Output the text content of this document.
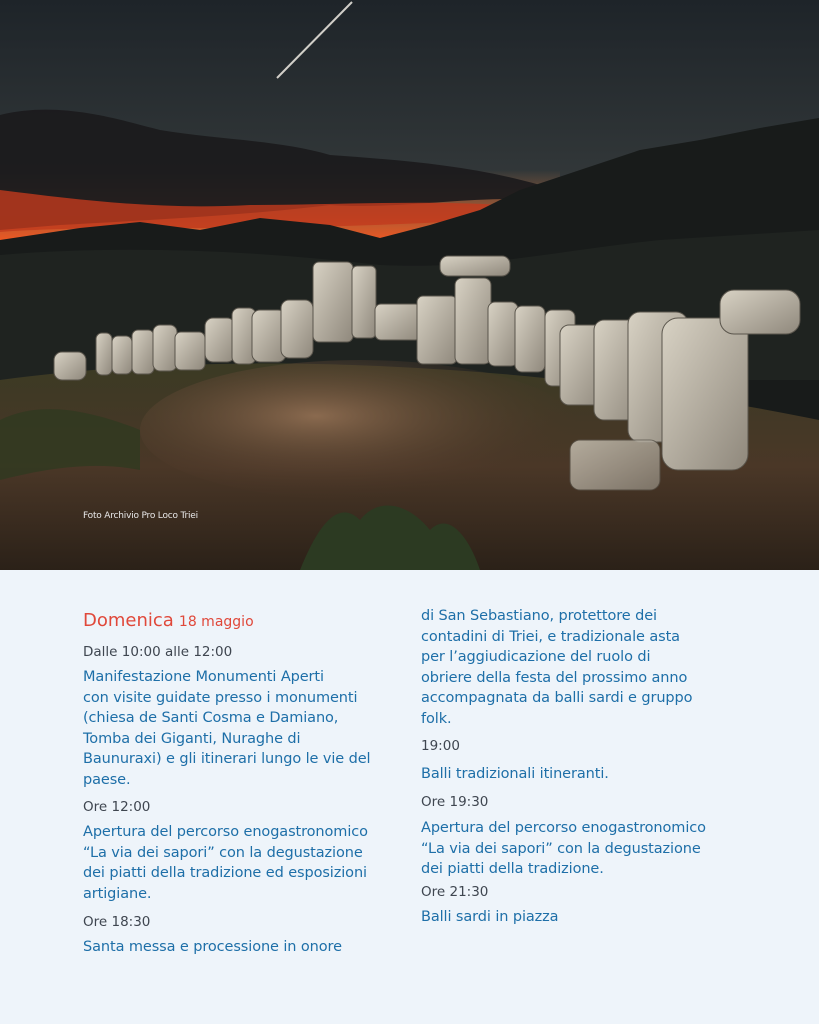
Foto Archivio Pro Loco Triei
Domenica 18 maggio
Dalle 10:00 alle 12:00
Manifestazione Monumenti Aperti
con visite guidate presso i monumenti
(chiesa de Santi Cosma e Damiano,
Tomba dei Giganti, Nuraghe di
Baunuraxi) e gli itinerari lungo le vie del
paese.
Ore 12:00
Apertura del percorso enogastronomico
“La via dei sapori” con la degustazione
dei piatti della tradizione ed esposizioni
artigiane.
Ore 18:30
Santa messa e processione in onore
di San Sebastiano, protettore dei
contadini di Triei, e tradizionale asta
per l’aggiudicazione del ruolo di
obriere della festa del prossimo anno
accompagnata da balli sardi e gruppo
folk.
19:00
Balli tradizionali itineranti.
Ore 19:30
Apertura del percorso enogastronomico
“La via dei sapori” con la degustazione
dei piatti della tradizione.
Ore 21:30
Balli sardi in piazza
